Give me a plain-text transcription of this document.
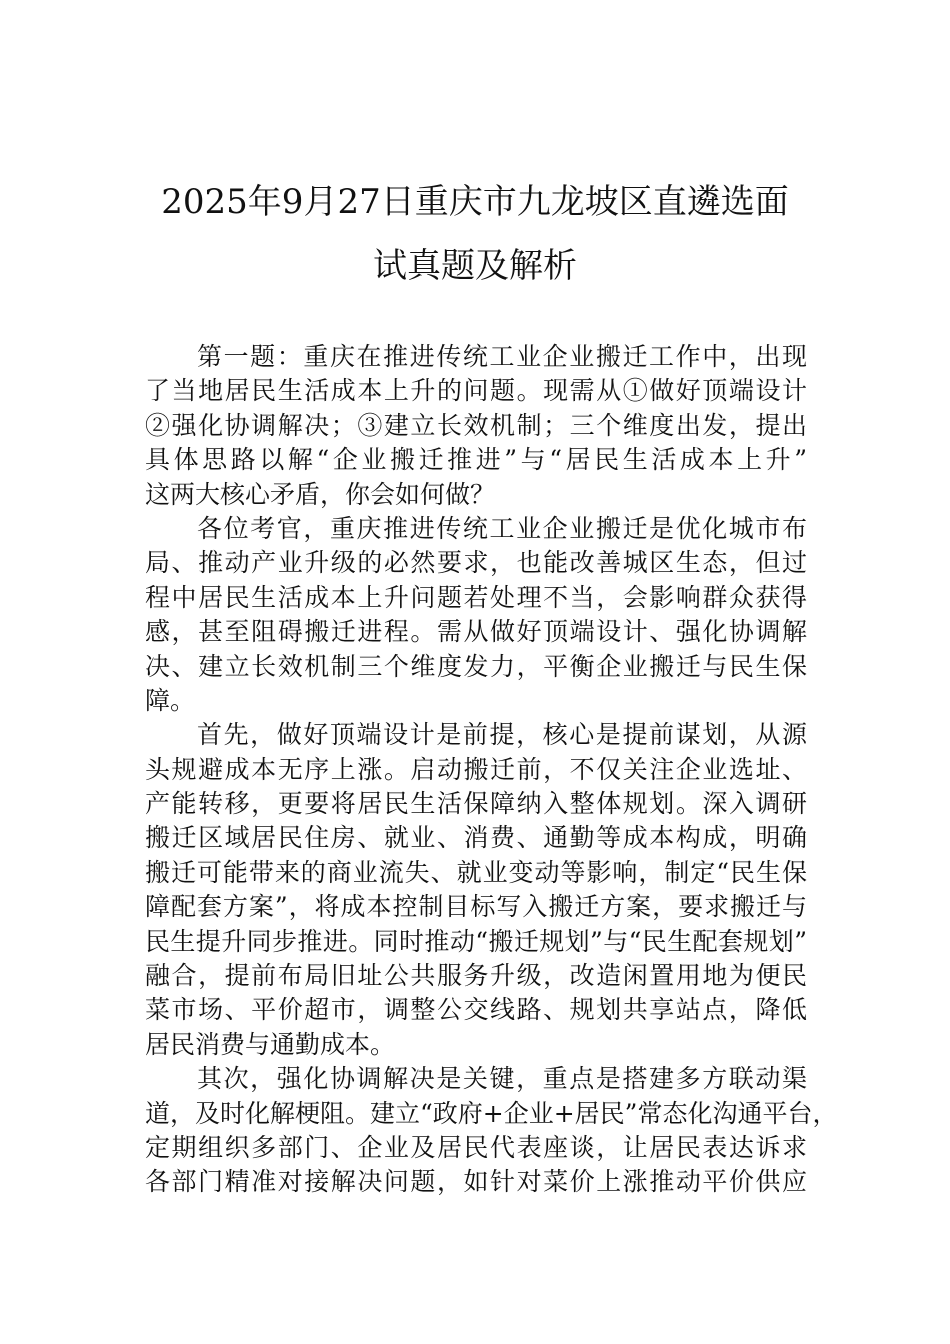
2025年9月27日重庆市九龙坡区直遴选面
试真题及解析
第一题：重庆在推进传统工业企业搬迁工作中，出现
了当地居民生活成本上升的问题。现需从①做好顶端设计
②强化协调解决；③建立长效机制；三个维度出发，提出
具体思路以解“企业搬迁推进”与“居民生活成本上升”
这两大核心矛盾，你会如何做？
各位考官，重庆推进传统工业企业搬迁是优化城市布
局、推动产业升级的必然要求，也能改善城区生态，但过
程中居民生活成本上升问题若处理不当，会影响群众获得
感，甚至阻碍搬迁进程。需从做好顶端设计、强化协调解
决、建立长效机制三个维度发力，平衡企业搬迁与民生保
障。
首先，做好顶端设计是前提，核心是提前谋划，从源
头规避成本无序上涨。启动搬迁前，不仅关注企业选址、
产能转移，更要将居民生活保障纳入整体规划。深入调研
搬迁区域居民住房、就业、消费、通勤等成本构成，明确
搬迁可能带来的商业流失、就业变动等影响，制定“民生保
障配套方案”，将成本控制目标写入搬迁方案，要求搬迁与
民生提升同步推进。同时推动“搬迁规划”与“民生配套规划”
融合，提前布局旧址公共服务升级，改造闲置用地为便民
菜市场、平价超市，调整公交线路、规划共享站点，降低
居民消费与通勤成本。
其次，强化协调解决是关键，重点是搭建多方联动渠
道，及时化解梗阻。建立“政府+企业+居民”常态化沟通平台，
定期组织多部门、企业及居民代表座谈，让居民表达诉求
各部门精准对接解决问题，如针对菜价上涨推动平价供应
